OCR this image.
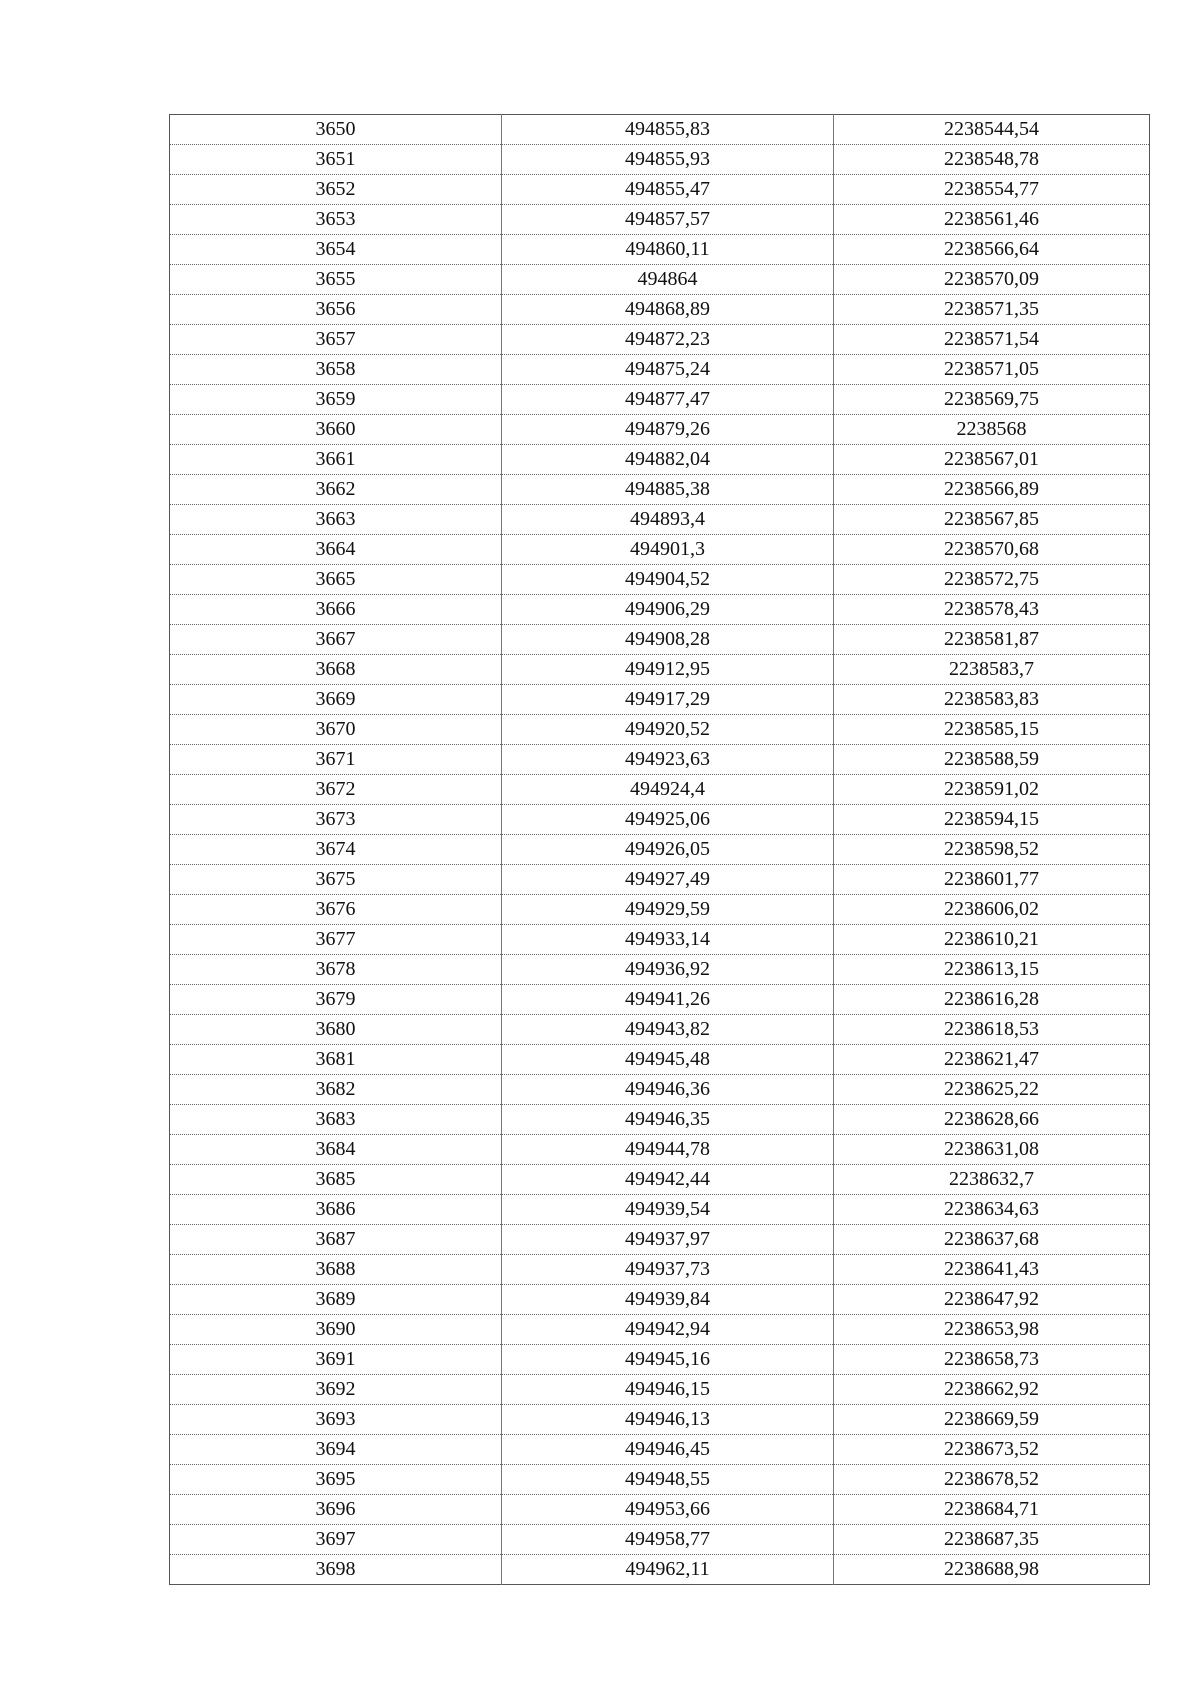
3650	494855,83	2238544,54
3651	494855,93	2238548,78
3652	494855,47	2238554,77
3653	494857,57	2238561,46
3654	494860,11	2238566,64
3655	494864	2238570,09
3656	494868,89	2238571,35
3657	494872,23	2238571,54
3658	494875,24	2238571,05
3659	494877,47	2238569,75
3660	494879,26	2238568
3661	494882,04	2238567,01
3662	494885,38	2238566,89
3663	494893,4	2238567,85
3664	494901,3	2238570,68
3665	494904,52	2238572,75
3666	494906,29	2238578,43
3667	494908,28	2238581,87
3668	494912,95	2238583,7
3669	494917,29	2238583,83
3670	494920,52	2238585,15
3671	494923,63	2238588,59
3672	494924,4	2238591,02
3673	494925,06	2238594,15
3674	494926,05	2238598,52
3675	494927,49	2238601,77
3676	494929,59	2238606,02
3677	494933,14	2238610,21
3678	494936,92	2238613,15
3679	494941,26	2238616,28
3680	494943,82	2238618,53
3681	494945,48	2238621,47
3682	494946,36	2238625,22
3683	494946,35	2238628,66
3684	494944,78	2238631,08
3685	494942,44	2238632,7
3686	494939,54	2238634,63
3687	494937,97	2238637,68
3688	494937,73	2238641,43
3689	494939,84	2238647,92
3690	494942,94	2238653,98
3691	494945,16	2238658,73
3692	494946,15	2238662,92
3693	494946,13	2238669,59
3694	494946,45	2238673,52
3695	494948,55	2238678,52
3696	494953,66	2238684,71
3697	494958,77	2238687,35
3698	494962,11	2238688,98
